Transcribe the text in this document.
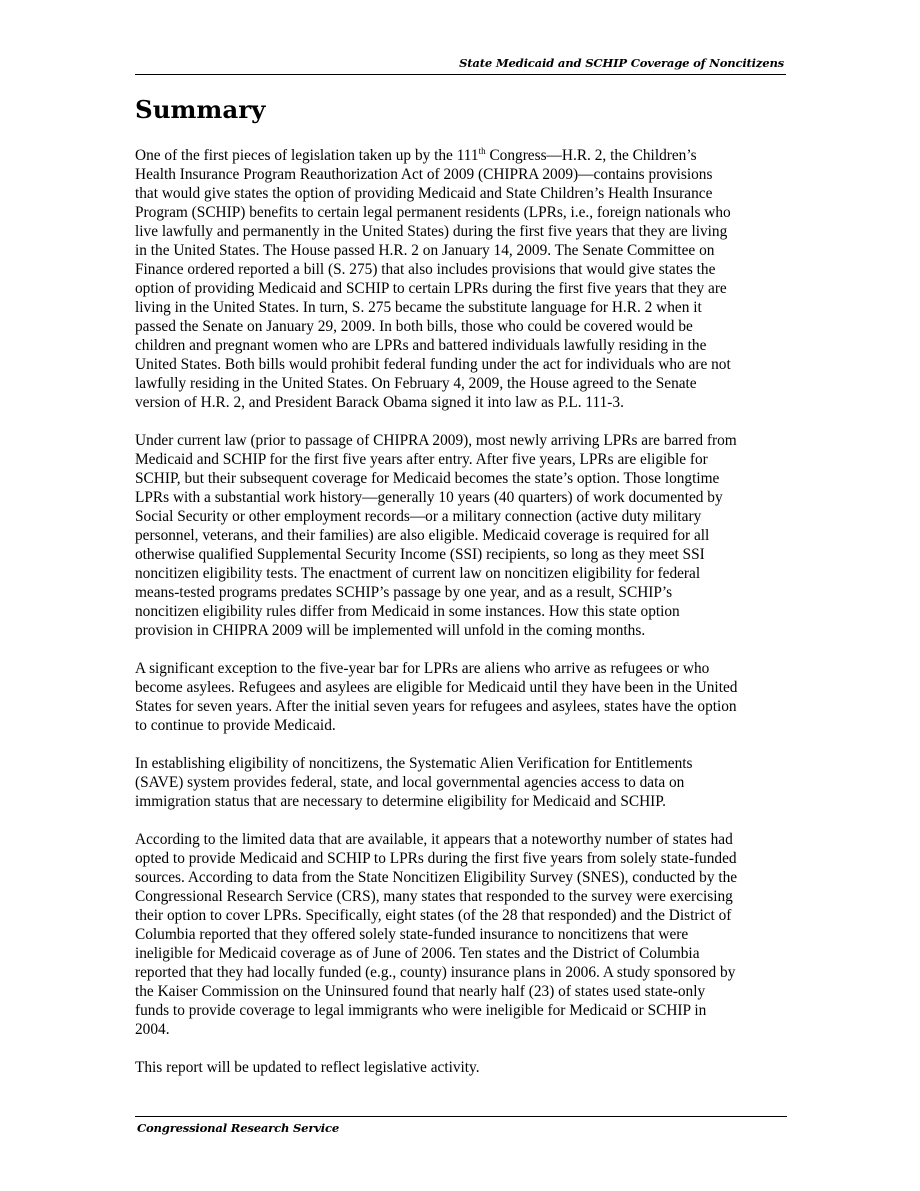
State Medicaid and SCHIP Coverage of Noncitizens
Summary

One of the first pieces of legislation taken up by the 111th Congress—H.R. 2, the Children’s
Health Insurance Program Reauthorization Act of 2009 (CHIPRA 2009)—contains provisions
that would give states the option of providing Medicaid and State Children’s Health Insurance
Program (SCHIP) benefits to certain legal permanent residents (LPRs, i.e., foreign nationals who
live lawfully and permanently in the United States) during the first five years that they are living
in the United States. The House passed H.R. 2 on January 14, 2009. The Senate Committee on
Finance ordered reported a bill (S. 275) that also includes provisions that would give states the
option of providing Medicaid and SCHIP to certain LPRs during the first five years that they are
living in the United States. In turn, S. 275 became the substitute language for H.R. 2 when it
passed the Senate on January 29, 2009. In both bills, those who could be covered would be
children and pregnant women who are LPRs and battered individuals lawfully residing in the
United States. Both bills would prohibit federal funding under the act for individuals who are not
lawfully residing in the United States. On February 4, 2009, the House agreed to the Senate
version of H.R. 2, and President Barack Obama signed it into law as P.L. 111-3.

Under current law (prior to passage of CHIPRA 2009), most newly arriving LPRs are barred from
Medicaid and SCHIP for the first five years after entry. After five years, LPRs are eligible for
SCHIP, but their subsequent coverage for Medicaid becomes the state’s option. Those longtime
LPRs with a substantial work history—generally 10 years (40 quarters) of work documented by
Social Security or other employment records—or a military connection (active duty military
personnel, veterans, and their families) are also eligible. Medicaid coverage is required for all
otherwise qualified Supplemental Security Income (SSI) recipients, so long as they meet SSI
noncitizen eligibility tests. The enactment of current law on noncitizen eligibility for federal
means-tested programs predates SCHIP’s passage by one year, and as a result, SCHIP’s
noncitizen eligibility rules differ from Medicaid in some instances. How this state option
provision in CHIPRA 2009 will be implemented will unfold in the coming months.

A significant exception to the five-year bar for LPRs are aliens who arrive as refugees or who
become asylees. Refugees and asylees are eligible for Medicaid until they have been in the United
States for seven years. After the initial seven years for refugees and asylees, states have the option
to continue to provide Medicaid.

In establishing eligibility of noncitizens, the Systematic Alien Verification for Entitlements
(SAVE) system provides federal, state, and local governmental agencies access to data on
immigration status that are necessary to determine eligibility for Medicaid and SCHIP.

According to the limited data that are available, it appears that a noteworthy number of states had
opted to provide Medicaid and SCHIP to LPRs during the first five years from solely state-funded
sources. According to data from the State Noncitizen Eligibility Survey (SNES), conducted by the
Congressional Research Service (CRS), many states that responded to the survey were exercising
their option to cover LPRs. Specifically, eight states (of the 28 that responded) and the District of
Columbia reported that they offered solely state-funded insurance to noncitizens that were
ineligible for Medicaid coverage as of June of 2006. Ten states and the District of Columbia
reported that they had locally funded (e.g., county) insurance plans in 2006. A study sponsored by
the Kaiser Commission on the Uninsured found that nearly half (23) of states used state-only
funds to provide coverage to legal immigrants who were ineligible for Medicaid or SCHIP in
2004.

This report will be updated to reflect legislative activity.

Congressional Research Service
